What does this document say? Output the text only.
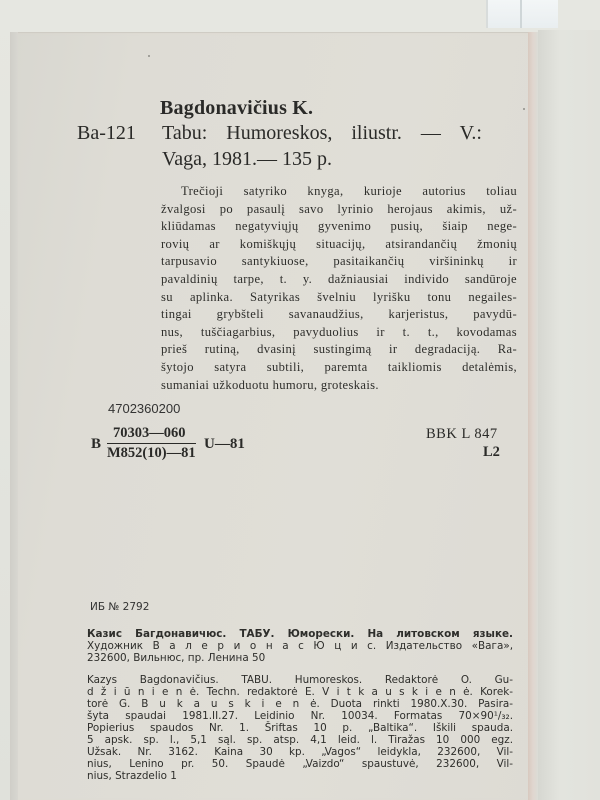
Bagdonavičius K.
Ba-121 Tabu: Humoreskos, iliustr. — V.:
Vaga, 1981.— 135 p.
Trečioji satyriko knyga, kurioje autorius toliau
žvalgosi po pasaulį savo lyrinio herojaus akimis, už-
kliūdamas negatyviųjų gyvenimo pusių, šiaip nege-
rovių ar komiškųjų situacijų, atsirandančių žmonių
tarpusavio santykiuose, pasitaikančių viršininkų ir
pavaldinių tarpe, t. y. dažniausiai individo sandūroje
su aplinka. Satyrikas švelniu lyrišku tonu negailes-
tingai grybšteli savanaudžius, karjeristus, pavydū-
nus, tuščiagarbius, pavyduolius ir t. t., kovodamas
prieš rutiną, dvasinį sustingimą ir degradaciją. Ra-
šytojo satyra subtili, paremta taikliomis detalėmis,
sumaniai užkoduotu humoru, groteskais.
4702360200
B $\frac{70303—060}{M852(10)—81}$ U—81
BBK L 847
L2
ИБ № 2792
Казис Багдонавичюс. ТАБУ. Юморески. На литовском языке.
Художник В а л е р и о н а с Ю ц и с. Издательство «Вага»,
232600, Вильнюс, пр. Ленина 50
Kazys Bagdonavičius. TABU. Humoreskos. Redaktorė O. Gu-
d ž i ū n i e n ė. Techn. redaktorė E. V i t k a u s k i e n ė. Korek-
torė G. B u k a u s k i e n ė. Duota rinkti 1980.X.30. Pasira-
šyta spaudai 1981.II.27. Leidinio Nr. 10034. Formatas 70×90¹/₃₂.
Popierius spaudos Nr. 1. Šriftas 10 p. „Baltika“. Iškili spauda.
5 apsk. sp. l., 5,1 sąl. sp. atsp. 4,1 leid. l. Tiražas 10 000 egz.
Užsak. Nr. 3162. Kaina 30 kp. „Vagos“ leidykla, 232600, Vil-
nius, Lenino pr. 50. Spaudė „Vaizdo“ spaustuvė, 232600, Vil-
nius, Strazdelio 1
